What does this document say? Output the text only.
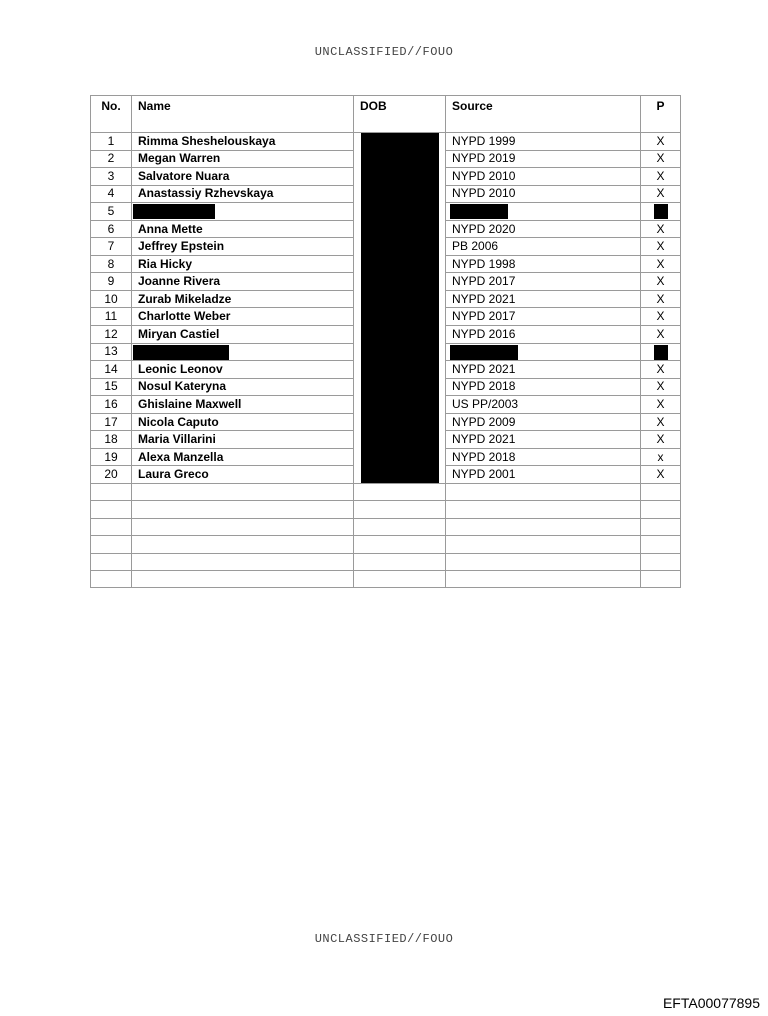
UNCLASSIFIED//FOUO
No.	Name	DOB	Source	P
1	Rimma Sheshelouskaya		NYPD 1999	X
2	Megan Warren		NYPD 2019	X
3	Salvatore Nuara		NYPD 2010	X
4	Anastassiy Rzhevskaya		NYPD 2010	X
5				
6	Anna Mette		NYPD 2020	X
7	Jeffrey Epstein		PB 2006	X
8	Ria Hicky		NYPD 1998	X
9	Joanne Rivera		NYPD 2017	X
10	Zurab Mikeladze		NYPD 2021	X
11	Charlotte Weber		NYPD 2017	X
12	Miryan Castiel		NYPD 2016	X
13				
14	Leonic Leonov		NYPD 2021	X
15	Nosul Kateryna		NYPD 2018	X
16	Ghislaine Maxwell		US PP/2003	X
17	Nicola Caputo		NYPD 2009	X
18	Maria Villarini		NYPD 2021	X
19	Alexa Manzella		NYPD 2018	x
20	Laura Greco		NYPD 2001	X

UNCLASSIFIED//FOUO
EFTA00077895
